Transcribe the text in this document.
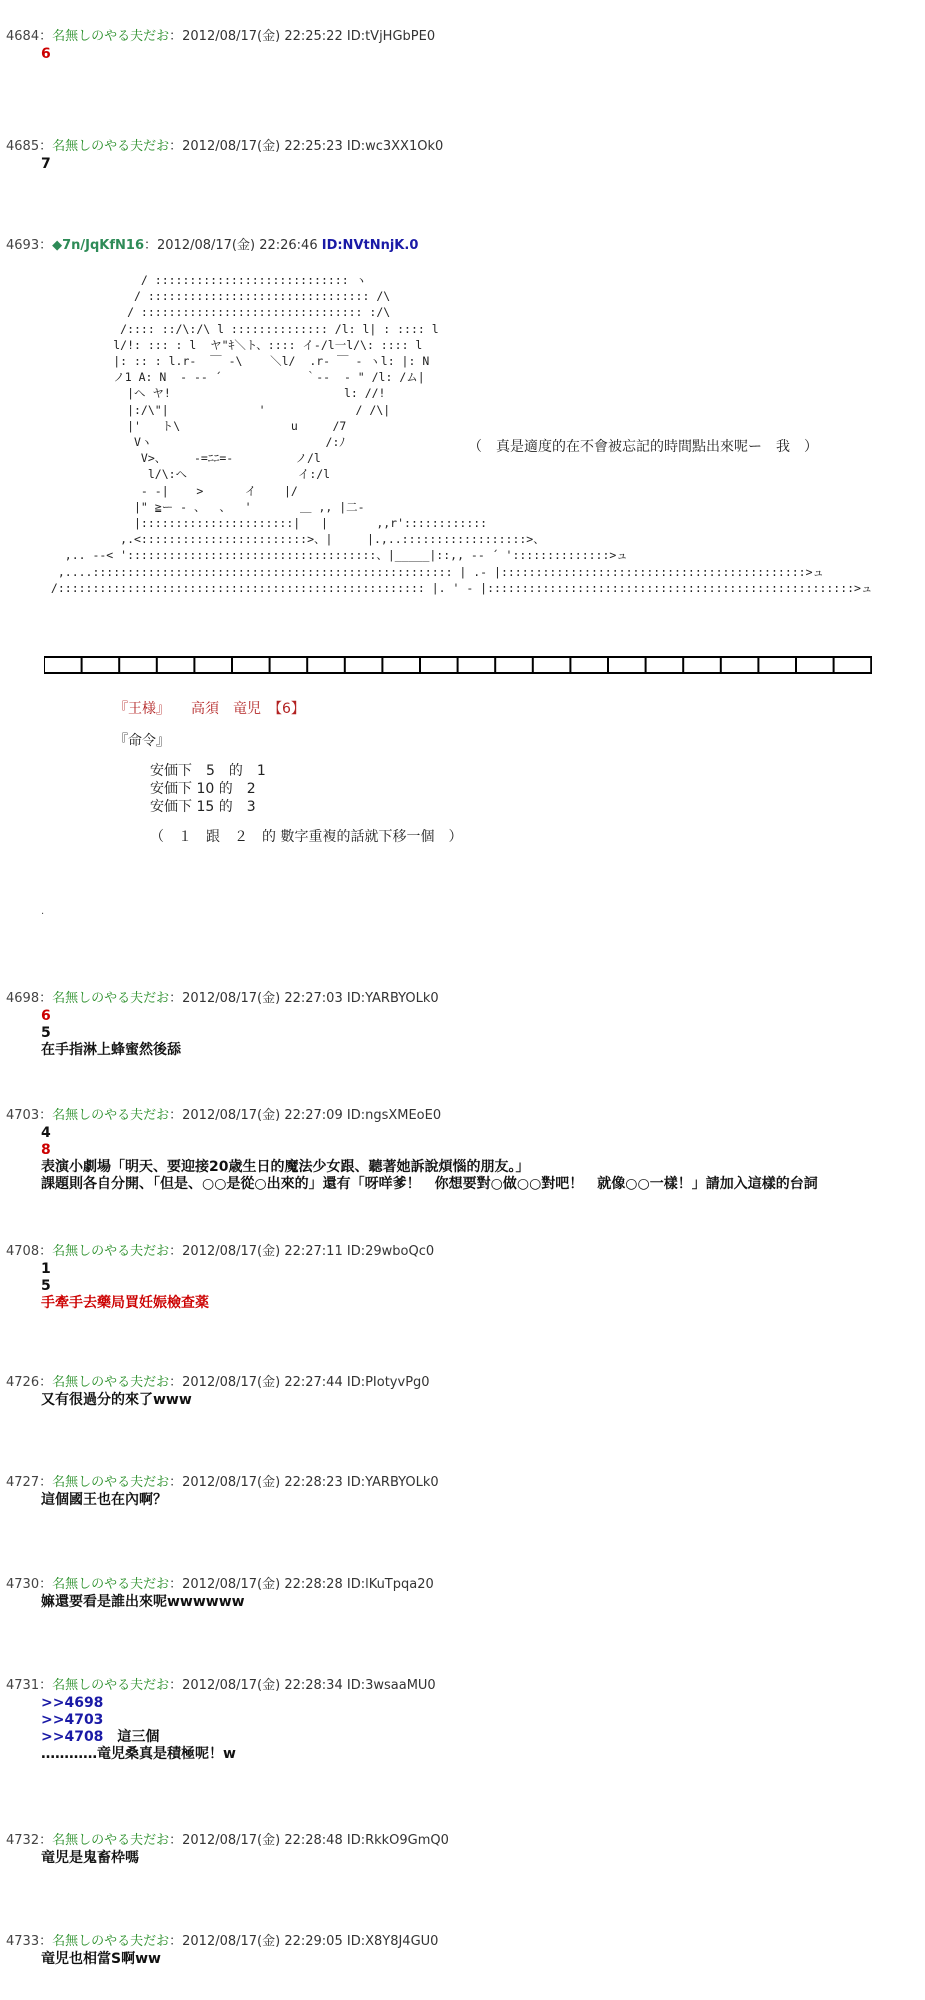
4684：名無しのやる夫だお：2012/08/17(金) 22:25:22 ID:tVjHGbPE0
6
4685：名無しのやる夫だお：2012/08/17(金) 22:25:23 ID:wc3XX1Ok0
7
4693：◆7n/JqKfN16：2012/08/17(金) 22:26:46 ID:NVtNnjK.0
/ :::::::::::::::::::::::::::: ヽ
/ :::::::::::::::::::::::::::::::: /\
/ :::::::::::::::::::::::::::::::: :/\
/:::: ::/\:/\ l :::::::::::::: /l: l| : :::: l
l/!: ::: : l  ヤ"ｷ＼ト、:::: イ-/l一l/\: :::: l
|: :: : l.r‐  ￣ ‐\    ＼l/  .r‐ ￣ ‐ ヽl: |: N
ノ1 A: N  ‐ ‐‐ ´            ｀‐‐  ‐ " /l: /ム|
|へ ヤ!                         l: //!
|:/\"|             '             / /\|
|'   ト\                u     /7
Vヽ                         /:ﾉ
V>、    -=ﾆﾆ=-         ノ/l
l/\:へ                イ:/l
‐ -|    >      イ    |/
|" ≧ー ‐ 、  、  '       ＿ ,, |二‐
|::::::::::::::::::::::|   |       ,,r'::::::::::::
,.<::::::::::::::::::::::::>、|     |.,..::::::::::::::::::>、
,.. ‐‐< '::::::::::::::::::::::::::::::::::::、|_____|::,, ‐‐ ´ '::::::::::::::>ュ
,....:::::::::::::::::::::::::::::::::::::::::::::::::::: | .- |::::::::::::::::::::::::::::::::::::::::::::>ュ
/::::::::::::::::::::::::::::::::::::::::::::::::::::: |. ' - |:::::::::::::::::::::::::::::::::::::::::::::::::::::>ュ
（　真是適度的在不會被忘記的時間點出來呢ー　我　）
『王様』　　高須　竜児　【6】
『命令』
安価下　5　的　1
安価下 10 的　2
安価下 15 的　3
（　１　跟　２　的 數字重複的話就下移一個　）
.
4698：名無しのやる夫だお：2012/08/17(金) 22:27:03 ID:YARBYOLk0
6
5
在手指淋上蜂蜜然後舔
4703：名無しのやる夫だお：2012/08/17(金) 22:27:09 ID:ngsXMEoE0
4
8
表演小劇場「明天、要迎接20歳生日的魔法少女跟、聽著她訴說煩惱的朋友。」
課題則各自分開、「但是、○○是從○出來的」還有「呀咩爹！　你想要對○做○○對吧！　就像○○一樣！」請加入這樣的台詞
4708：名無しのやる夫だお：2012/08/17(金) 22:27:11 ID:29wboQc0
1
5
手牽手去藥局買妊娠檢查薬
4726：名無しのやる夫だお：2012/08/17(金) 22:27:44 ID:PIotyvPg0
又有很過分的來了www
4727：名無しのやる夫だお：2012/08/17(金) 22:28:23 ID:YARBYOLk0
這個國王也在內啊？
4730：名無しのやる夫だお：2012/08/17(金) 22:28:28 ID:lKuTpqa20
嫲還要看是誰出來呢wwwwww
4731：名無しのやる夫だお：2012/08/17(金) 22:28:34 ID:3wsaaMU0
>>4698
>>4703
>>4708　這三個
‥‥‥‥‥‥竜児桑真是積極呢！w
4732：名無しのやる夫だお：2012/08/17(金) 22:28:48 ID:RkkO9GmQ0
竜児是鬼畜枠嗎
4733：名無しのやる夫だお：2012/08/17(金) 22:29:05 ID:X8Y8J4GU0
竜児也相當S啊ww
